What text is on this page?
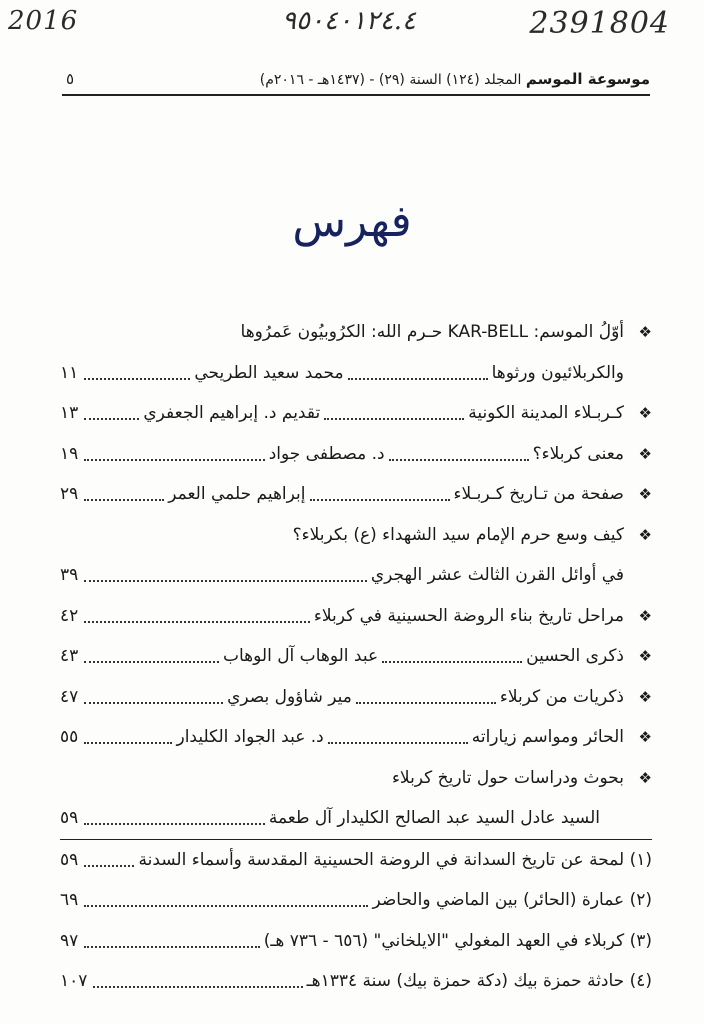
2016	٩٥٠٤٠١٢٤.٤	2391804
موسوعة الموسم المجلد (١٢٤) السنة (٢٩) - (١٤٣٧هـ - ٢٠١٦م)
٥
فهرس
❖
أوّلُ الموسم: KAR-BELL حـرم الله: الكرُوبيُون عَمرُوها
والكربلائيون ورثوها
محمد سعيد الطريحي
١١
❖
كـربـلاء المدينة الكونية
تقديم د. إبراهيم الجعفري
١٣
❖
معنى كربلاء؟
د. مصطفى جواد
١٩
❖
صفحة من تـاريخ كـربـلاء
إبراهيم حلمي العمر
٢٩
❖
كيف وسع حرم الإمام سيد الشهداء (ع) بكربلاء؟
في أوائل القرن الثالث عشر الهجري
٣٩
❖
مراحل تاريخ بناء الروضة الحسينية في كربلاء
٤٢
❖
ذكرى الحسين
عبد الوهاب آل الوهاب
٤٣
❖
ذكريات من كربلاء
مير شاؤول بصري
٤٧
❖
الحائر ومواسم زياراته
د. عبد الجواد الكليدار
٥٥
❖
بحوث ودراسات حول تاريخ كربلاء
السيد عادل السيد عبد الصالح الكليدار آل طعمة
٥٩
(١) لمحة عن تاريخ السدانة في الروضة الحسينية المقدسة وأسماء السدنة
٥٩
(٢) عمارة (الحائر) بين الماضي والحاضر
٦٩
(٣) كربلاء في العهد المغولي "الايلخاني" (٦٥٦ - ٧٣٦ هـ)
٩٧
(٤) حادثة حمزة بيك (دكة حمزة بيك) سنة ١٣٣٤هـ
١٠٧
